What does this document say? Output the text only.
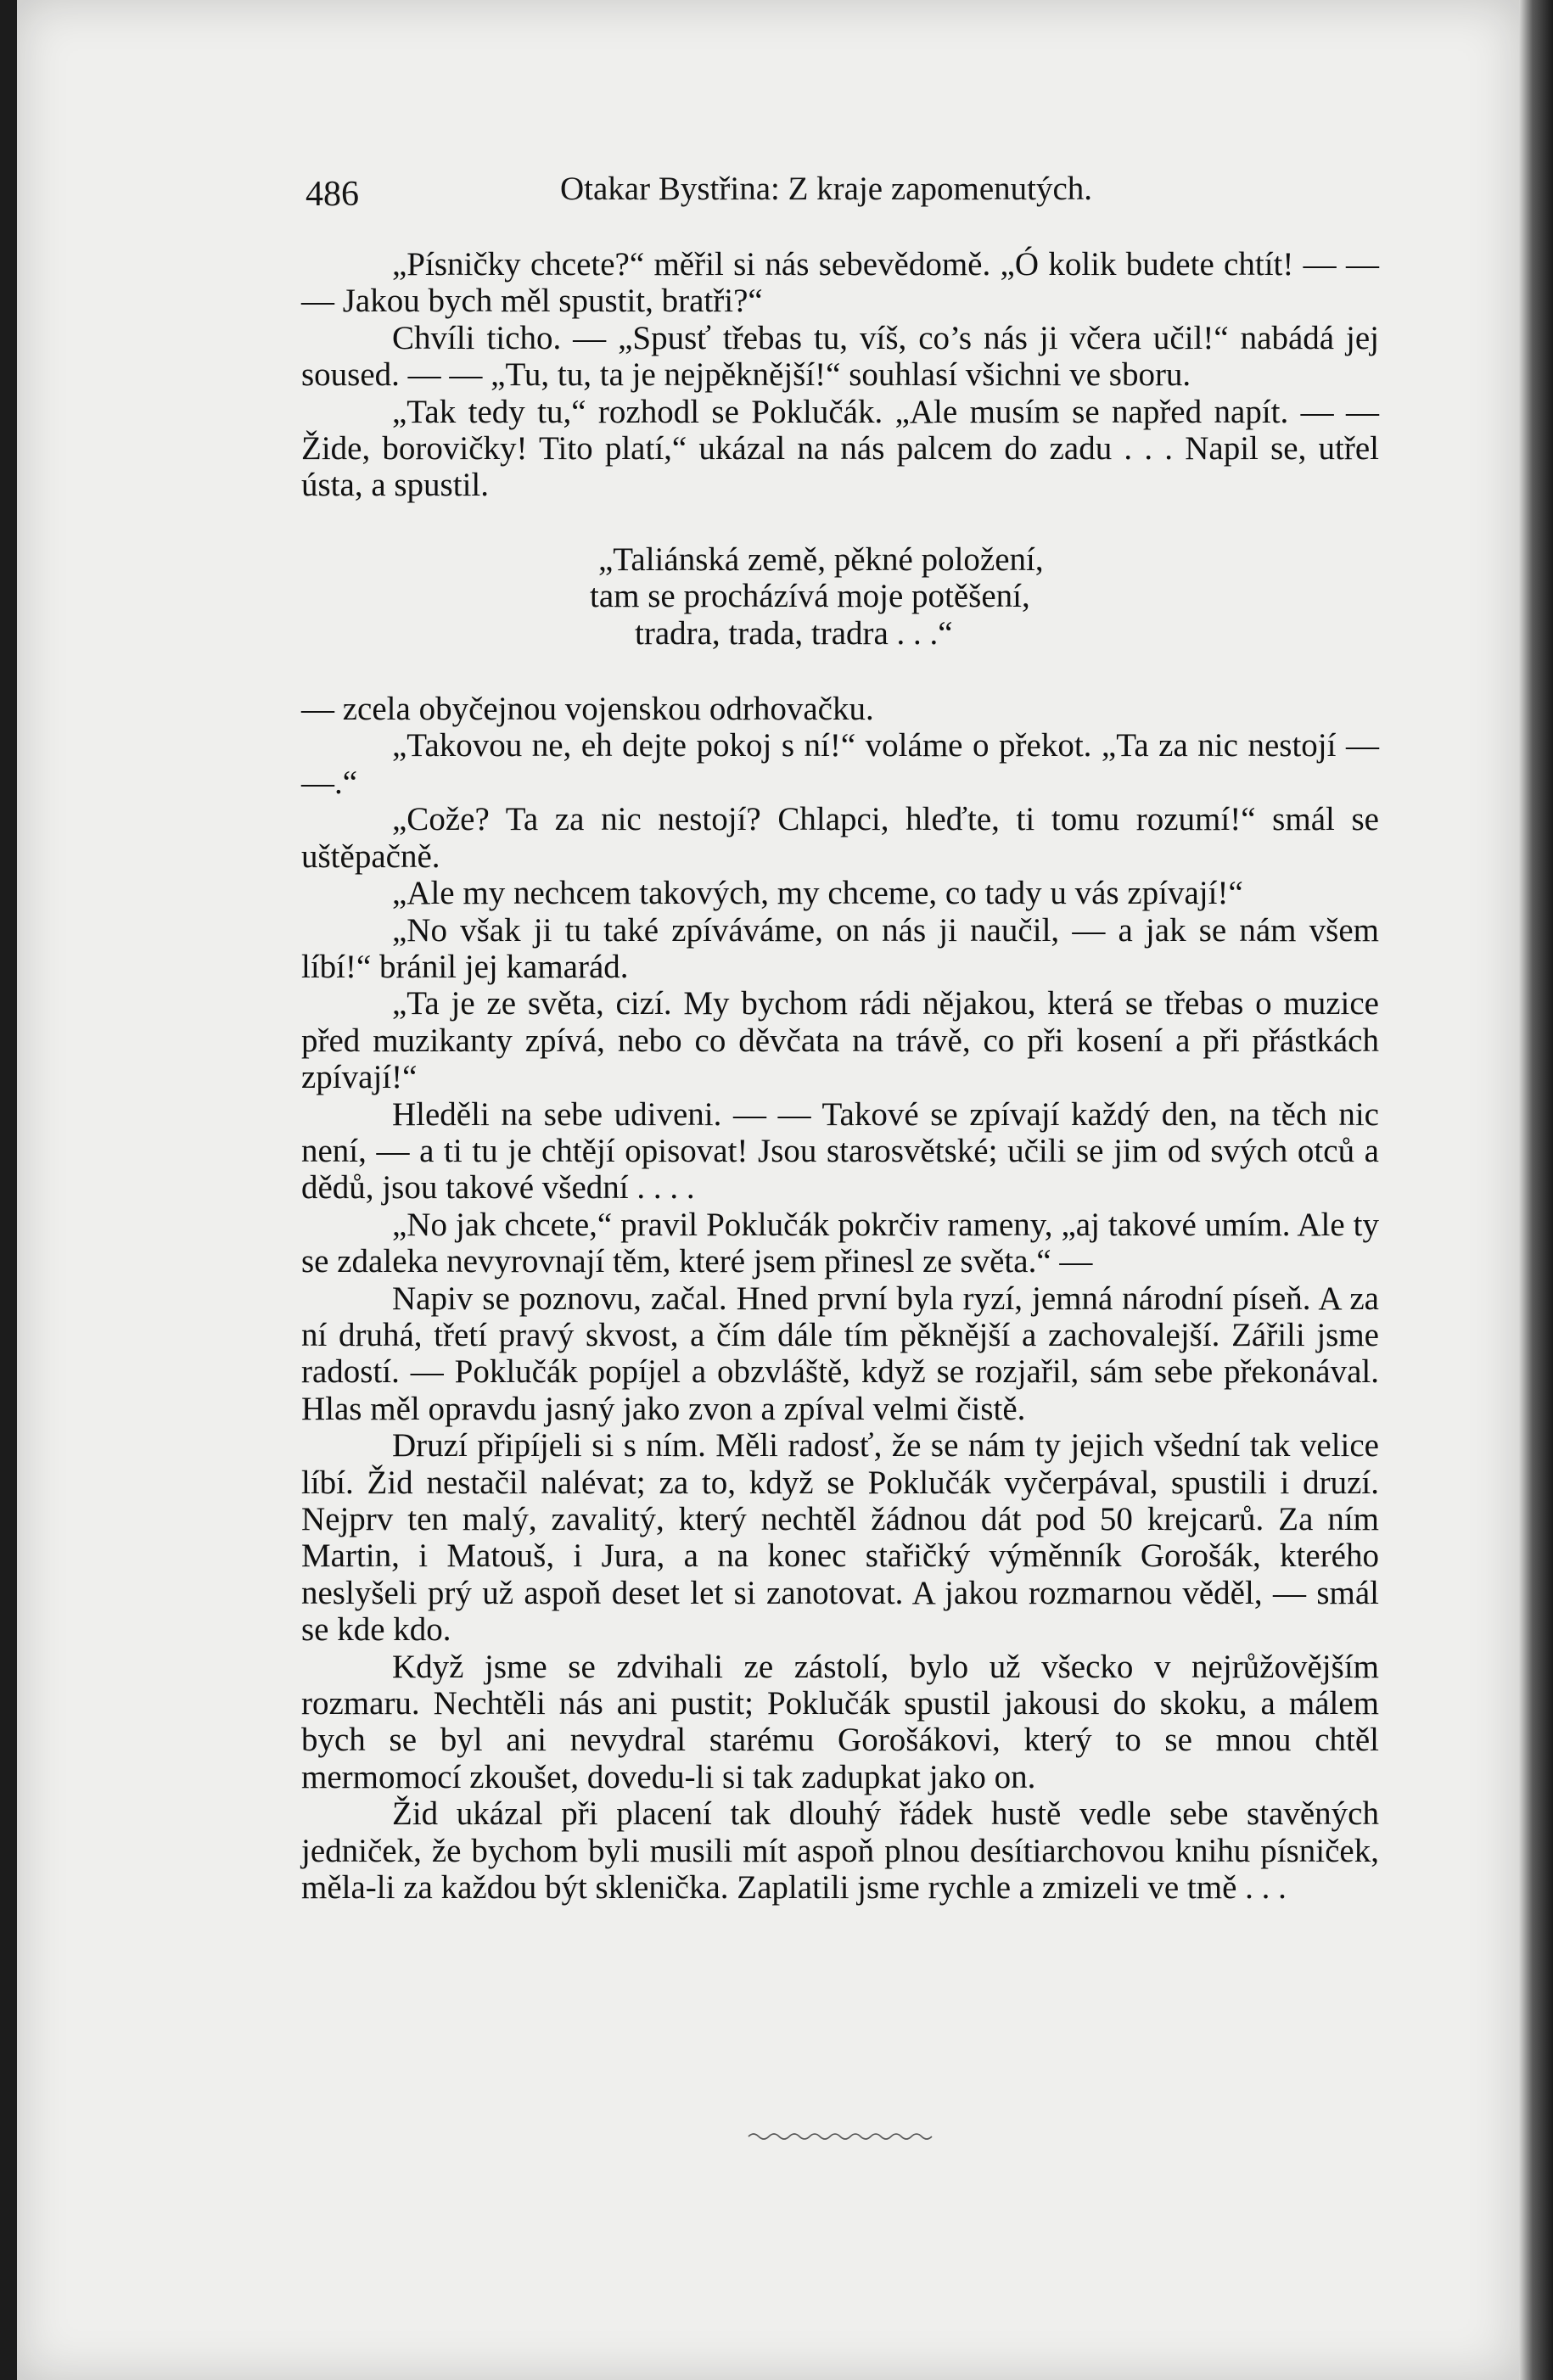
486	Otakar Bystřina: Z kraje zapomenutých.

„Písničky chcete?“ měřil si nás sebevědomě. „Ó kolik budete chtít! — — — Jakou bych měl spustit, bratři?“

Chvíli ticho. — „Spusť třebas tu, víš, co’s nás ji včera učil!“ nabádá jej soused. — — „Tu, tu, ta je nejpěknější!“ souhlasí všichni ve sboru.

„Tak tedy tu,“ rozhodl se Poklučák. „Ale musím se napřed napít. — — Žide, borovičky! Tito platí,“ ukázal na nás palcem do zadu . . . Napil se, utřel ústa, a spustil.

„Taliánská země, pěkné položení,
tam se procházívá moje potěšení,
tradra, trada, tradra . . .“

— zcela obyčejnou vojenskou odrhovačku.

„Takovou ne, eh dejte pokoj s ní!“ voláme o překot. „Ta za nic nestojí — —.“

„Cože? Ta za nic nestojí? Chlapci, hleďte, ti tomu rozumí!“ smál se uštěpačně.

„Ale my nechcem takových, my chceme, co tady u vás zpívají!“

„No však ji tu také zpíváváme, on nás ji naučil, — a jak se nám všem líbí!“ bránil jej kamarád.

„Ta je ze světa, cizí. My bychom rádi nějakou, která se třebas o muzice před muzikanty zpívá, nebo co děvčata na trávě, co při kosení a při přástkách zpívají!“

Hleděli na sebe udiveni. — — Takové se zpívají každý den, na těch nic není, — a ti tu je chtějí opisovat! Jsou starosvětské; učili se jim od svých otců a dědů, jsou takové všední . . . .

„No jak chcete,“ pravil Poklučák pokrčiv rameny, „aj takové umím. Ale ty se zdaleka nevyrovnají těm, které jsem přinesl ze světa.“ —

Napiv se poznovu, začal. Hned první byla ryzí, jemná národní píseň. A za ní druhá, třetí pravý skvost, a čím dále tím pěknější a zachovalejší. Zářili jsme radostí. — Poklučák popíjel a obzvláště, když se rozjařil, sám sebe překonával. Hlas měl opravdu jasný jako zvon a zpíval velmi čistě.

Druzí připíjeli si s ním. Měli radosť, že se nám ty jejich všední tak velice líbí. Žid nestačil nalévat; za to, když se Poklučák vyčerpával, spustili i druzí. Nejprv ten malý, zavalitý, který nechtěl žádnou dát pod 50 krejcarů. Za ním Martin, i Matouš, i Jura, a na konec stařičký výměnník Gorošák, kterého neslyšeli prý už aspoň deset let si zanotovat. A jakou rozmarnou věděl, — smál se kde kdo.

Když jsme se zdvihali ze zástolí, bylo už všecko v nejrůžovějším rozmaru. Nechtěli nás ani pustit; Poklučák spustil jakousi do skoku, a málem bych se byl ani nevydral starému Gorošákovi, který to se mnou chtěl mermomocí zkoušet, dovedu-li si tak zadupkat jako on.

Žid ukázal při placení tak dlouhý řádek hustě vedle sebe stavěných jedniček, že bychom byli musili mít aspoň plnou desítiarchovou knihu písniček, měla-li za každou být sklenička. Zaplatili jsme rychle a zmizeli ve tmě . . .
